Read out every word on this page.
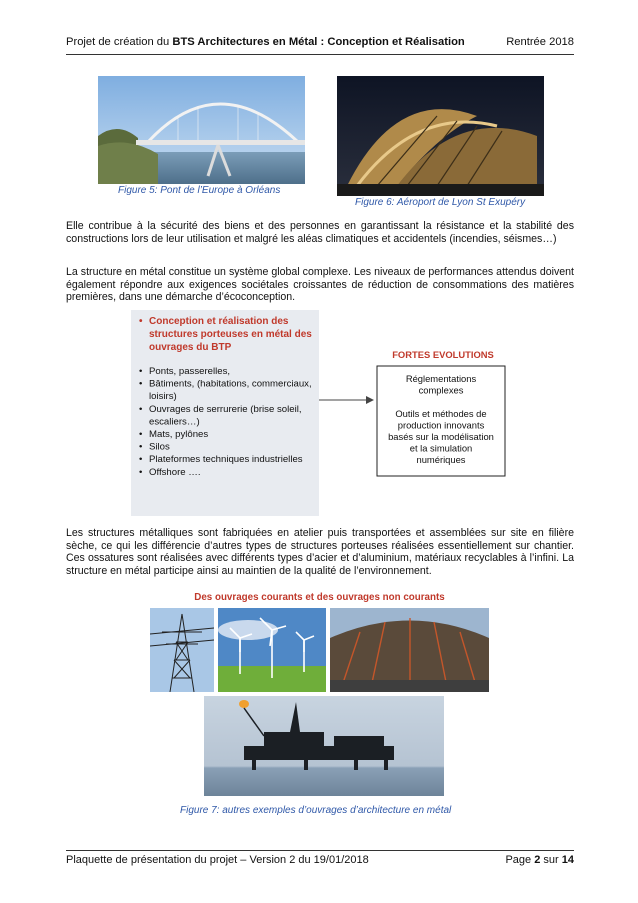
Projet de création du BTS Architectures en Métal : Conception et Réalisation	Rentrée 2018
Figure 5: Pont de l’Europe à Orléans
Figure 6: Aéroport de Lyon St Exupéry
Elle contribue à la sécurité des biens et des personnes en garantissant la résistance et la stabilité des constructions lors de leur utilisation et malgré les aléas climatiques et accidentels (incendies, séismes…)
La structure en métal constitue un système global complexe. Les niveaux de performances attendus doivent également répondre aux exigences sociétales croissantes de réduction de consommations des matières premières, dans une démarche d’écoconception.
• Conception et réalisation des structures porteuses en métal des ouvrages du BTP
• Ponts, passerelles,
• Bâtiments, (habitations, commerciaux,
loisirs)
• Ouvrages de serrurerie (brise soleil,
escaliers…)
• Mats, pylônes
• Silos
• Plateformes techniques industrielles
• Offshore ….
FORTES EVOLUTIONS
Réglementations
complexes
Outils et méthodes de
production innovants
basés sur la modélisation
et la simulation
numériques
Les structures métalliques sont fabriquées en atelier puis transportées et assemblées sur site en filière sèche, ce qui les différencie d’autres types de structures porteuses réalisées essentiellement sur chantier. Ces ossatures sont réalisées avec différents types d’acier et d’aluminium, matériaux recyclables à l’infini. La structure en métal participe ainsi au maintien de la qualité de l’environnement.
Des ouvrages courants et des ouvrages non courants
Figure 7: autres exemples d’ouvrages d’architecture en métal
Plaquette de présentation du projet – Version 2 du 19/01/2018	Page 2 sur 14
